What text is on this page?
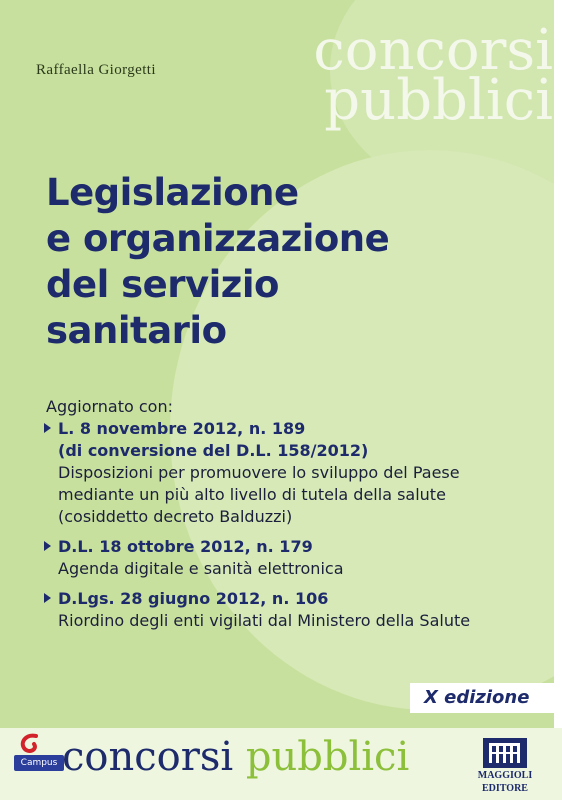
concorsi
pubblici
Raffaella Giorgetti
Legislazione
e organizzazione
del servizio
sanitario
Aggiornato con:
L. 8 novembre 2012, n. 189
(di conversione del D.L. 158/2012)
Disposizioni per promuovere lo sviluppo del Paese
mediante un più alto livello di tutela della salute
(cosiddetto decreto Balduzzi)
D.L. 18 ottobre 2012, n. 179
Agenda digitale e sanità elettronica
D.Lgs. 28 giugno 2012, n. 106
Riordino degli enti vigilati dal Ministero della Salute
X edizione
Campus concorsi pubblici	MAGGIOLI
EDITORE
